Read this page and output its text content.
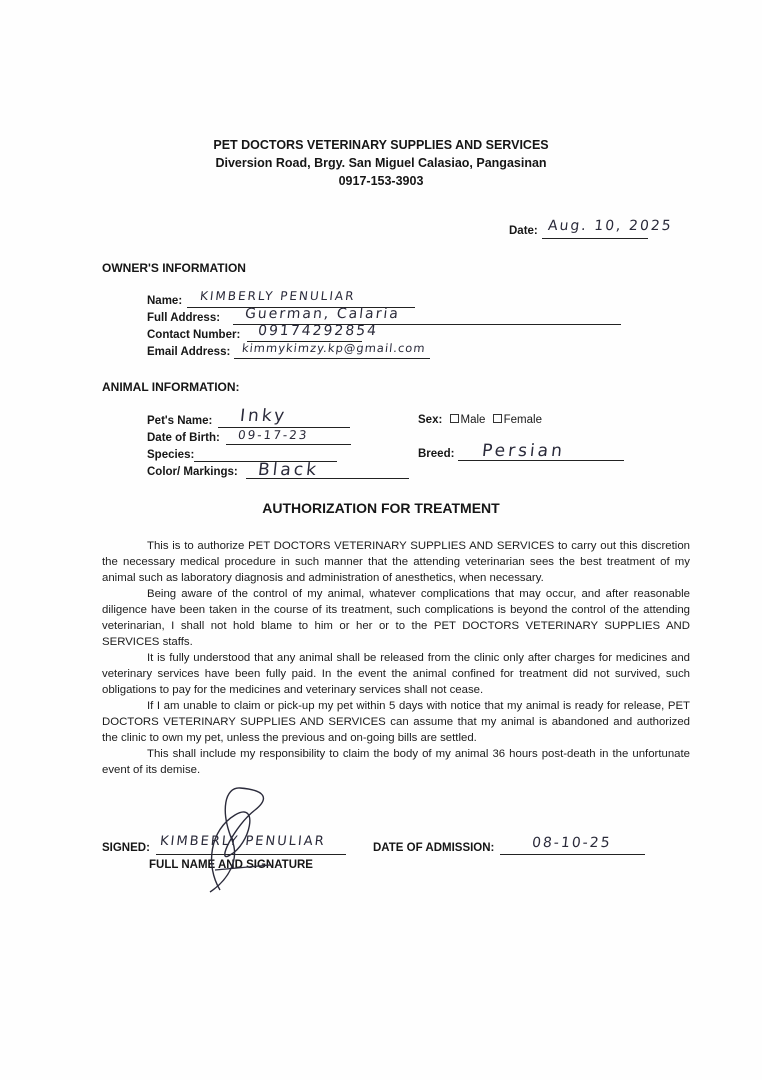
PET DOCTORS VETERINARY SUPPLIES AND SERVICES
Diversion Road, Brgy. San Miguel Calasiao, Pangasinan
0917-153-3903
Date: Aug. 10, 2025
OWNER'S INFORMATION
Name: KIMBERLY PENULIAR
Full Address: Guerman, Calaria
Contact Number: 09174292854
Email Address: kimmykimzy.kp@gmail.com
ANIMAL INFORMATION:
Pet's Name: Inky
Date of Birth: 09-17-23
Species:
Color/ Markings: Black
Sex: Male Female
Breed: Persian
AUTHORIZATION FOR TREATMENT

This is to authorize PET DOCTORS VETERINARY SUPPLIES AND SERVICES to carry out this discretion the necessary medical procedure in such manner that the attending veterinarian sees the best treatment of my animal such as laboratory diagnosis and administration of anesthetics, when necessary.

Being aware of the control of my animal, whatever complications that may occur, and after reasonable diligence have been taken in the course of its treatment, such complications is beyond the control of the attending veterinarian, I shall not hold blame to him or her or to the PET DOCTORS VETERINARY SUPPLIES AND SERVICES staffs.

It is fully understood that any animal shall be released from the clinic only after charges for medicines and veterinary services have been fully paid. In the event the animal confined for treatment did not survived, such obligations to pay for the medicines and veterinary services shall not cease.

If I am unable to claim or pick-up my pet within 5 days with notice that my animal is ready for release, PET DOCTORS VETERINARY SUPPLIES AND SERVICES can assume that my animal is abandoned and authorized the clinic to own my pet, unless the previous and on-going bills are settled.

This shall include my responsibility to claim the body of my animal 36 hours post-death in the unfortunate event of its demise.

SIGNED: KIMBERLY PENULIAR
FULL NAME AND SIGNATURE
DATE OF ADMISSION:	08-10-25
